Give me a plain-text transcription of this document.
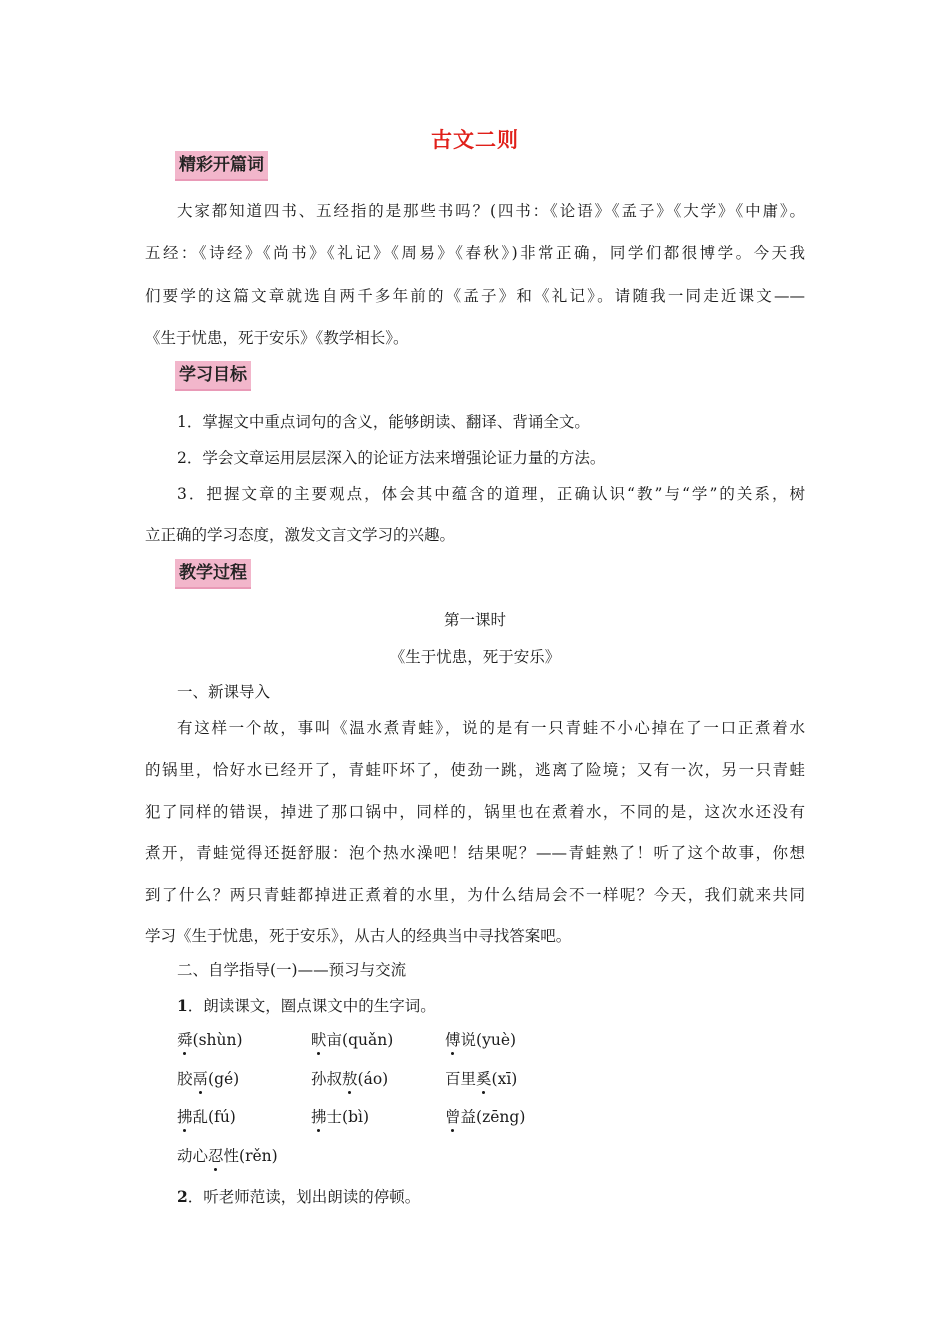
古文二则
精彩开篇词
大家都知道四书、五经指的是那些书吗？(四书：《论语》《孟子》《大学》《中庸》。
五经：《诗经》《尚书》《礼记》《周易》《春秋》)非常正确，同学们都很博学。今天我
们要学的这篇文章就选自两千多年前的《孟子》和《礼记》。请随我一同走近课文——
《生于忧患，死于安乐》《教学相长》。
学习目标
1．掌握文中重点词句的含义，能够朗读、翻译、背诵全文。
2．学会文章运用层层深入的论证方法来增强论证力量的方法。
3．把握文章的主要观点，体会其中蕴含的道理，正确认识“教”与“学”的关系，树
立正确的学习态度，激发文言文学习的兴趣。
教学过程
第一课时
《生于忧患，死于安乐》
一、新课导入
有这样一个故，事叫《温水煮青蛙》，说的是有一只青蛙不小心掉在了一口正煮着水
的锅里，恰好水已经开了，青蛙吓坏了，使劲一跳，逃离了险境；又有一次，另一只青蛙
犯了同样的错误，掉进了那口锅中，同样的，锅里也在煮着水，不同的是，这次水还没有
煮开，青蛙觉得还挺舒服：泡个热水澡吧！结果呢？——青蛙熟了！听了这个故事，你想
到了什么？两只青蛙都掉进正煮着的水里，为什么结局会不一样呢？今天，我们就来共同
学习《生于忧患，死于安乐》，从古人的经典当中寻找答案吧。
二、自学指导(一)——预习与交流
1．朗读课文，圈点课文中的生字词。
舜(shùn)	畎亩(quǎn)	傅说(yuè)
胶鬲(gé)	孙叔敖(áo)	百里奚(xī)
拂乱(fú)	拂士(bì)	曾益(zēng)
动心忍性(rěn)
2．听老师范读，划出朗读的停顿。
